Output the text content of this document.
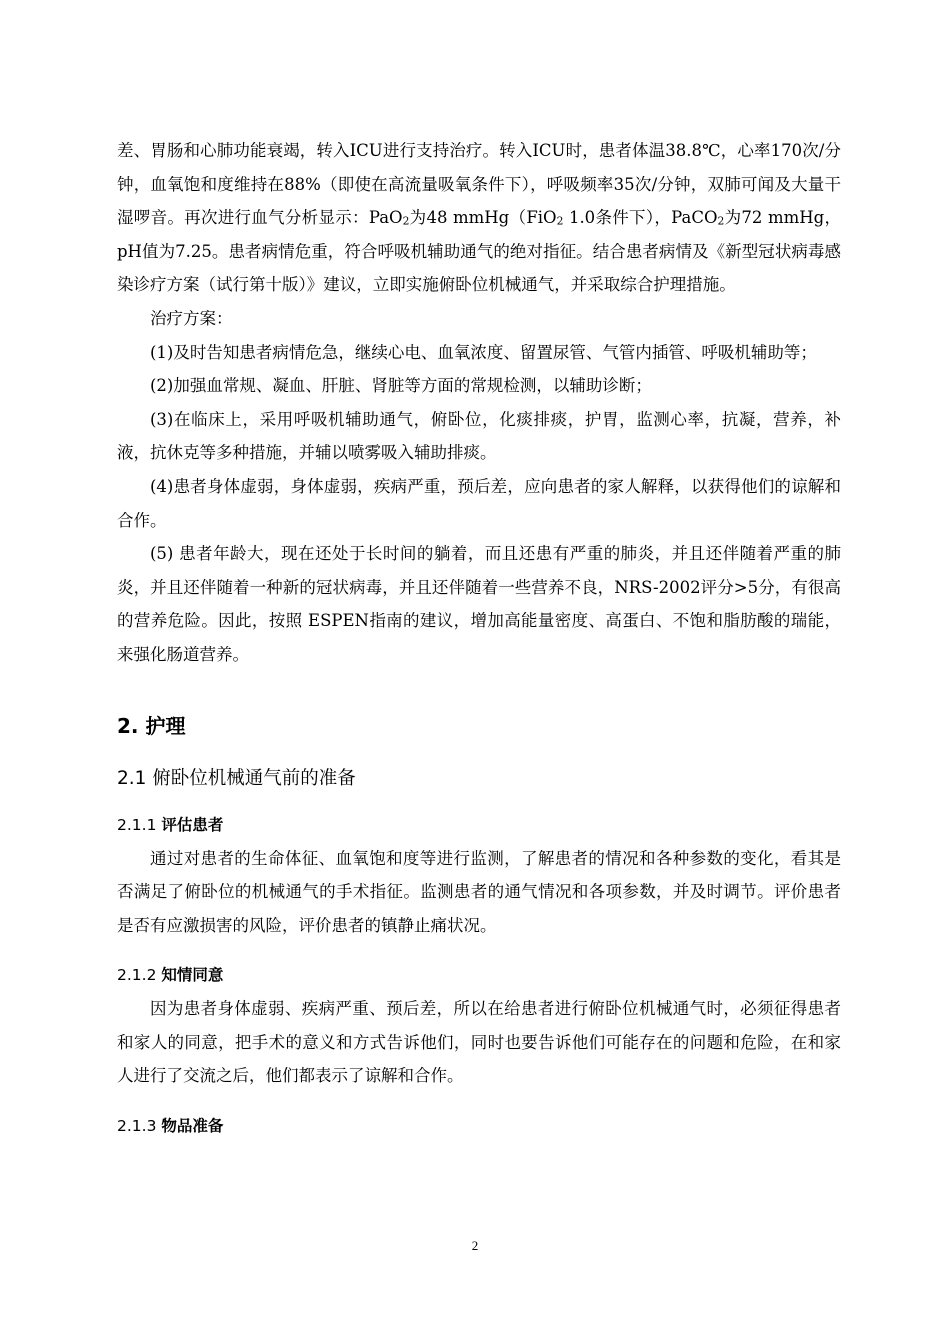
差、胃肠和心肺功能衰竭，转入ICU进行支持治疗。转入ICU时，患者体温38.8℃，心率170次/分钟，血氧饱和度维持在88%（即使在高流量吸氧条件下），呼吸频率35次/分钟，双肺可闻及大量干湿啰音。再次进行血气分析显示：PaO$_2$为48 mmHg（FiO$_2$ 1.0条件下），PaCO$_2$为72 mmHg，pH值为7.25。患者病情危重，符合呼吸机辅助通气的绝对指征。结合患者病情及《新型冠状病毒感染诊疗方案（试行第十版）》建议，立即实施俯卧位机械通气，并采取综合护理措施。

治疗方案：

(1)及时告知患者病情危急，继续心电、血氧浓度、留置尿管、气管内插管、呼吸机辅助等；

(2)加强血常规、凝血、肝脏、肾脏等方面的常规检测，以辅助诊断；

(3)在临床上，采用呼吸机辅助通气，俯卧位，化痰排痰，护胃，监测心率，抗凝，营养，补液，抗休克等多种措施，并辅以喷雾吸入辅助排痰。

(4)患者身体虚弱，身体虚弱，疾病严重，预后差，应向患者的家人解释，以获得他们的谅解和合作。

(5) 患者年龄大，现在还处于长时间的躺着，而且还患有严重的肺炎，并且还伴随着严重的肺炎，并且还伴随着一种新的冠状病毒，并且还伴随着一些营养不良，NRS-2002评分>5分，有很高的营养危险。因此，按照 ESPEN指南的建议，增加高能量密度、高蛋白、不饱和脂肪酸的瑞能，来强化肠道营养。

2. 护理
2.1 俯卧位机械通气前的准备
2.1.1 评估患者

通过对患者的生命体征、血氧饱和度等进行监测，了解患者的情况和各种参数的变化，看其是否满足了俯卧位的机械通气的手术指征。监测患者的通气情况和各项参数，并及时调节。评价患者是否有应激损害的风险，评价患者的镇静止痛状况。

2.1.2 知情同意

因为患者身体虚弱、疾病严重、预后差，所以在给患者进行俯卧位机械通气时，必须征得患者和家人的同意，把手术的意义和方式告诉他们，同时也要告诉他们可能存在的问题和危险，在和家人进行了交流之后，他们都表示了谅解和合作。

2.1.3 物品准备
2
